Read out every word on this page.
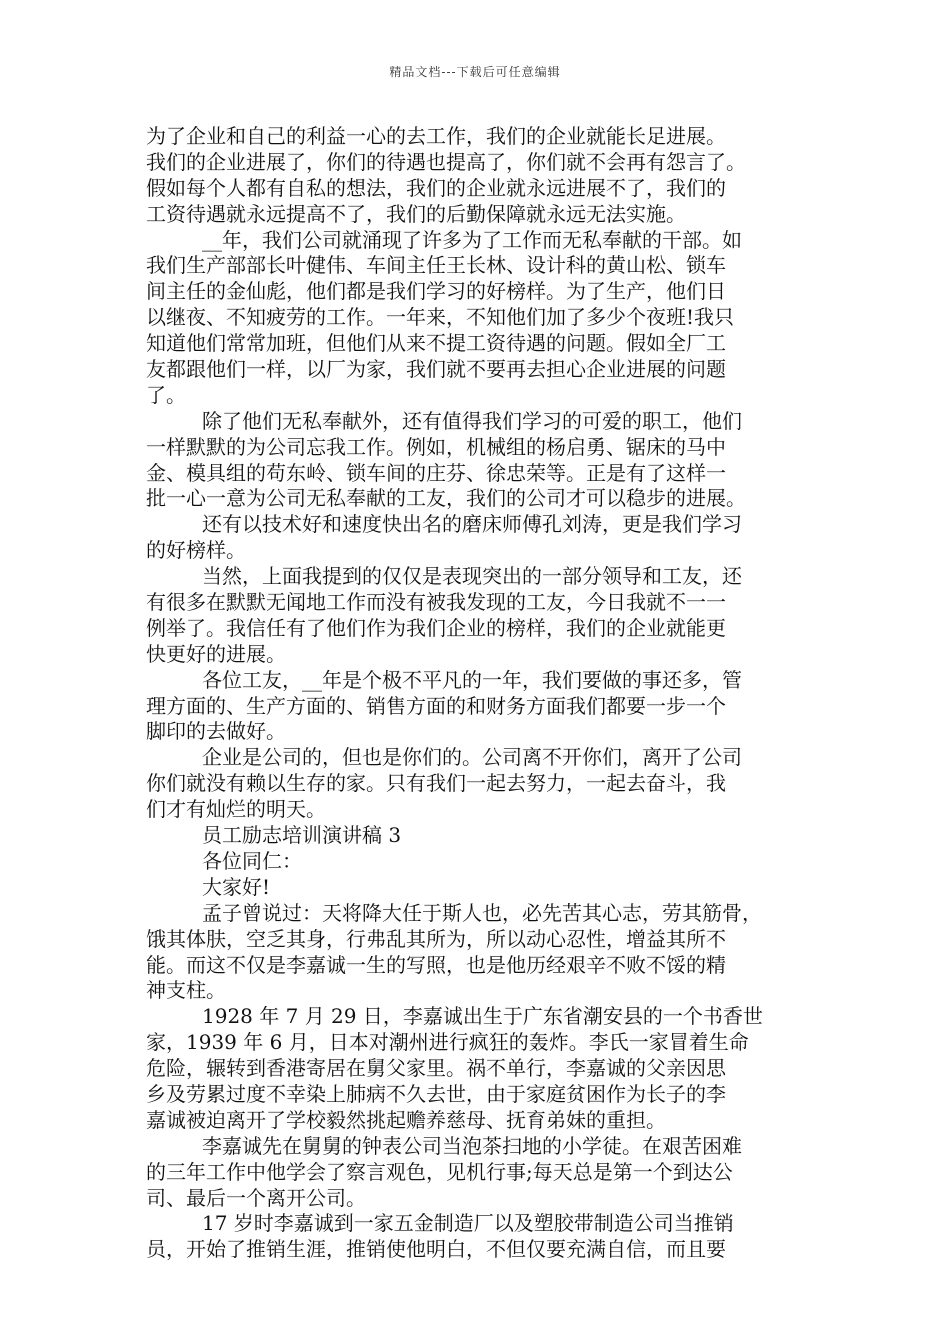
精品文档---下载后可任意编辑
为了企业和自己的利益一心的去工作，我们的企业就能长足进展。
我们的企业进展了，你们的待遇也提高了，你们就不会再有怨言了。
假如每个人都有自私的想法，我们的企业就永远进展不了，我们的
工资待遇就永远提高不了，我们的后勤保障就永远无法实施。
__年，我们公司就涌现了许多为了工作而无私奉献的干部。如
我们生产部部长叶健伟、车间主任王长林、设计科的黄山松、锁车
间主任的金仙彪，他们都是我们学习的好榜样。为了生产，他们日
以继夜、不知疲劳的工作。一年来，不知他们加了多少个夜班!我只
知道他们常常加班，但他们从来不提工资待遇的问题。假如全厂工
友都跟他们一样，以厂为家，我们就不要再去担心企业进展的问题
了。
除了他们无私奉献外，还有值得我们学习的可爱的职工，他们
一样默默的为公司忘我工作。例如，机械组的杨启勇、锯床的马中
金、模具组的苟东岭、锁车间的庄芬、徐忠荣等。正是有了这样一
批一心一意为公司无私奉献的工友，我们的公司才可以稳步的进展。
还有以技术好和速度快出名的磨床师傅孔刘涛，更是我们学习
的好榜样。
当然，上面我提到的仅仅是表现突出的一部分领导和工友，还
有很多在默默无闻地工作而没有被我发现的工友，今日我就不一一
例举了。我信任有了他们作为我们企业的榜样，我们的企业就能更
快更好的进展。
各位工友，__年是个极不平凡的一年，我们要做的事还多，管
理方面的、生产方面的、销售方面的和财务方面我们都要一步一个
脚印的去做好。
企业是公司的，但也是你们的。公司离不开你们，离开了公司
你们就没有赖以生存的家。只有我们一起去努力，一起去奋斗，我
们才有灿烂的明天。
员工励志培训演讲稿 3
各位同仁：
大家好!
孟子曾说过：天将降大任于斯人也，必先苦其心志，劳其筋骨，
饿其体肤，空乏其身，行弗乱其所为，所以动心忍性，增益其所不
能。而这不仅是李嘉诚一生的写照，也是他历经艰辛不败不馁的精
神支柱。
1928 年 7 月 29 日，李嘉诚出生于广东省潮安县的一个书香世
家，1939 年 6 月，日本对潮州进行疯狂的轰炸。李氏一家冒着生命
危险，辗转到香港寄居在舅父家里。祸不单行，李嘉诚的父亲因思
乡及劳累过度不幸染上肺病不久去世，由于家庭贫困作为长子的李
嘉诚被迫离开了学校毅然挑起赡养慈母、抚育弟妹的重担。
李嘉诚先在舅舅的钟表公司当泡茶扫地的小学徒。在艰苦困难
的三年工作中他学会了察言观色，见机行事;每天总是第一个到达公
司、最后一个离开公司。
17 岁时李嘉诚到一家五金制造厂以及塑胶带制造公司当推销
员，开始了推销生涯，推销使他明白，不但仅要充满自信，而且要
